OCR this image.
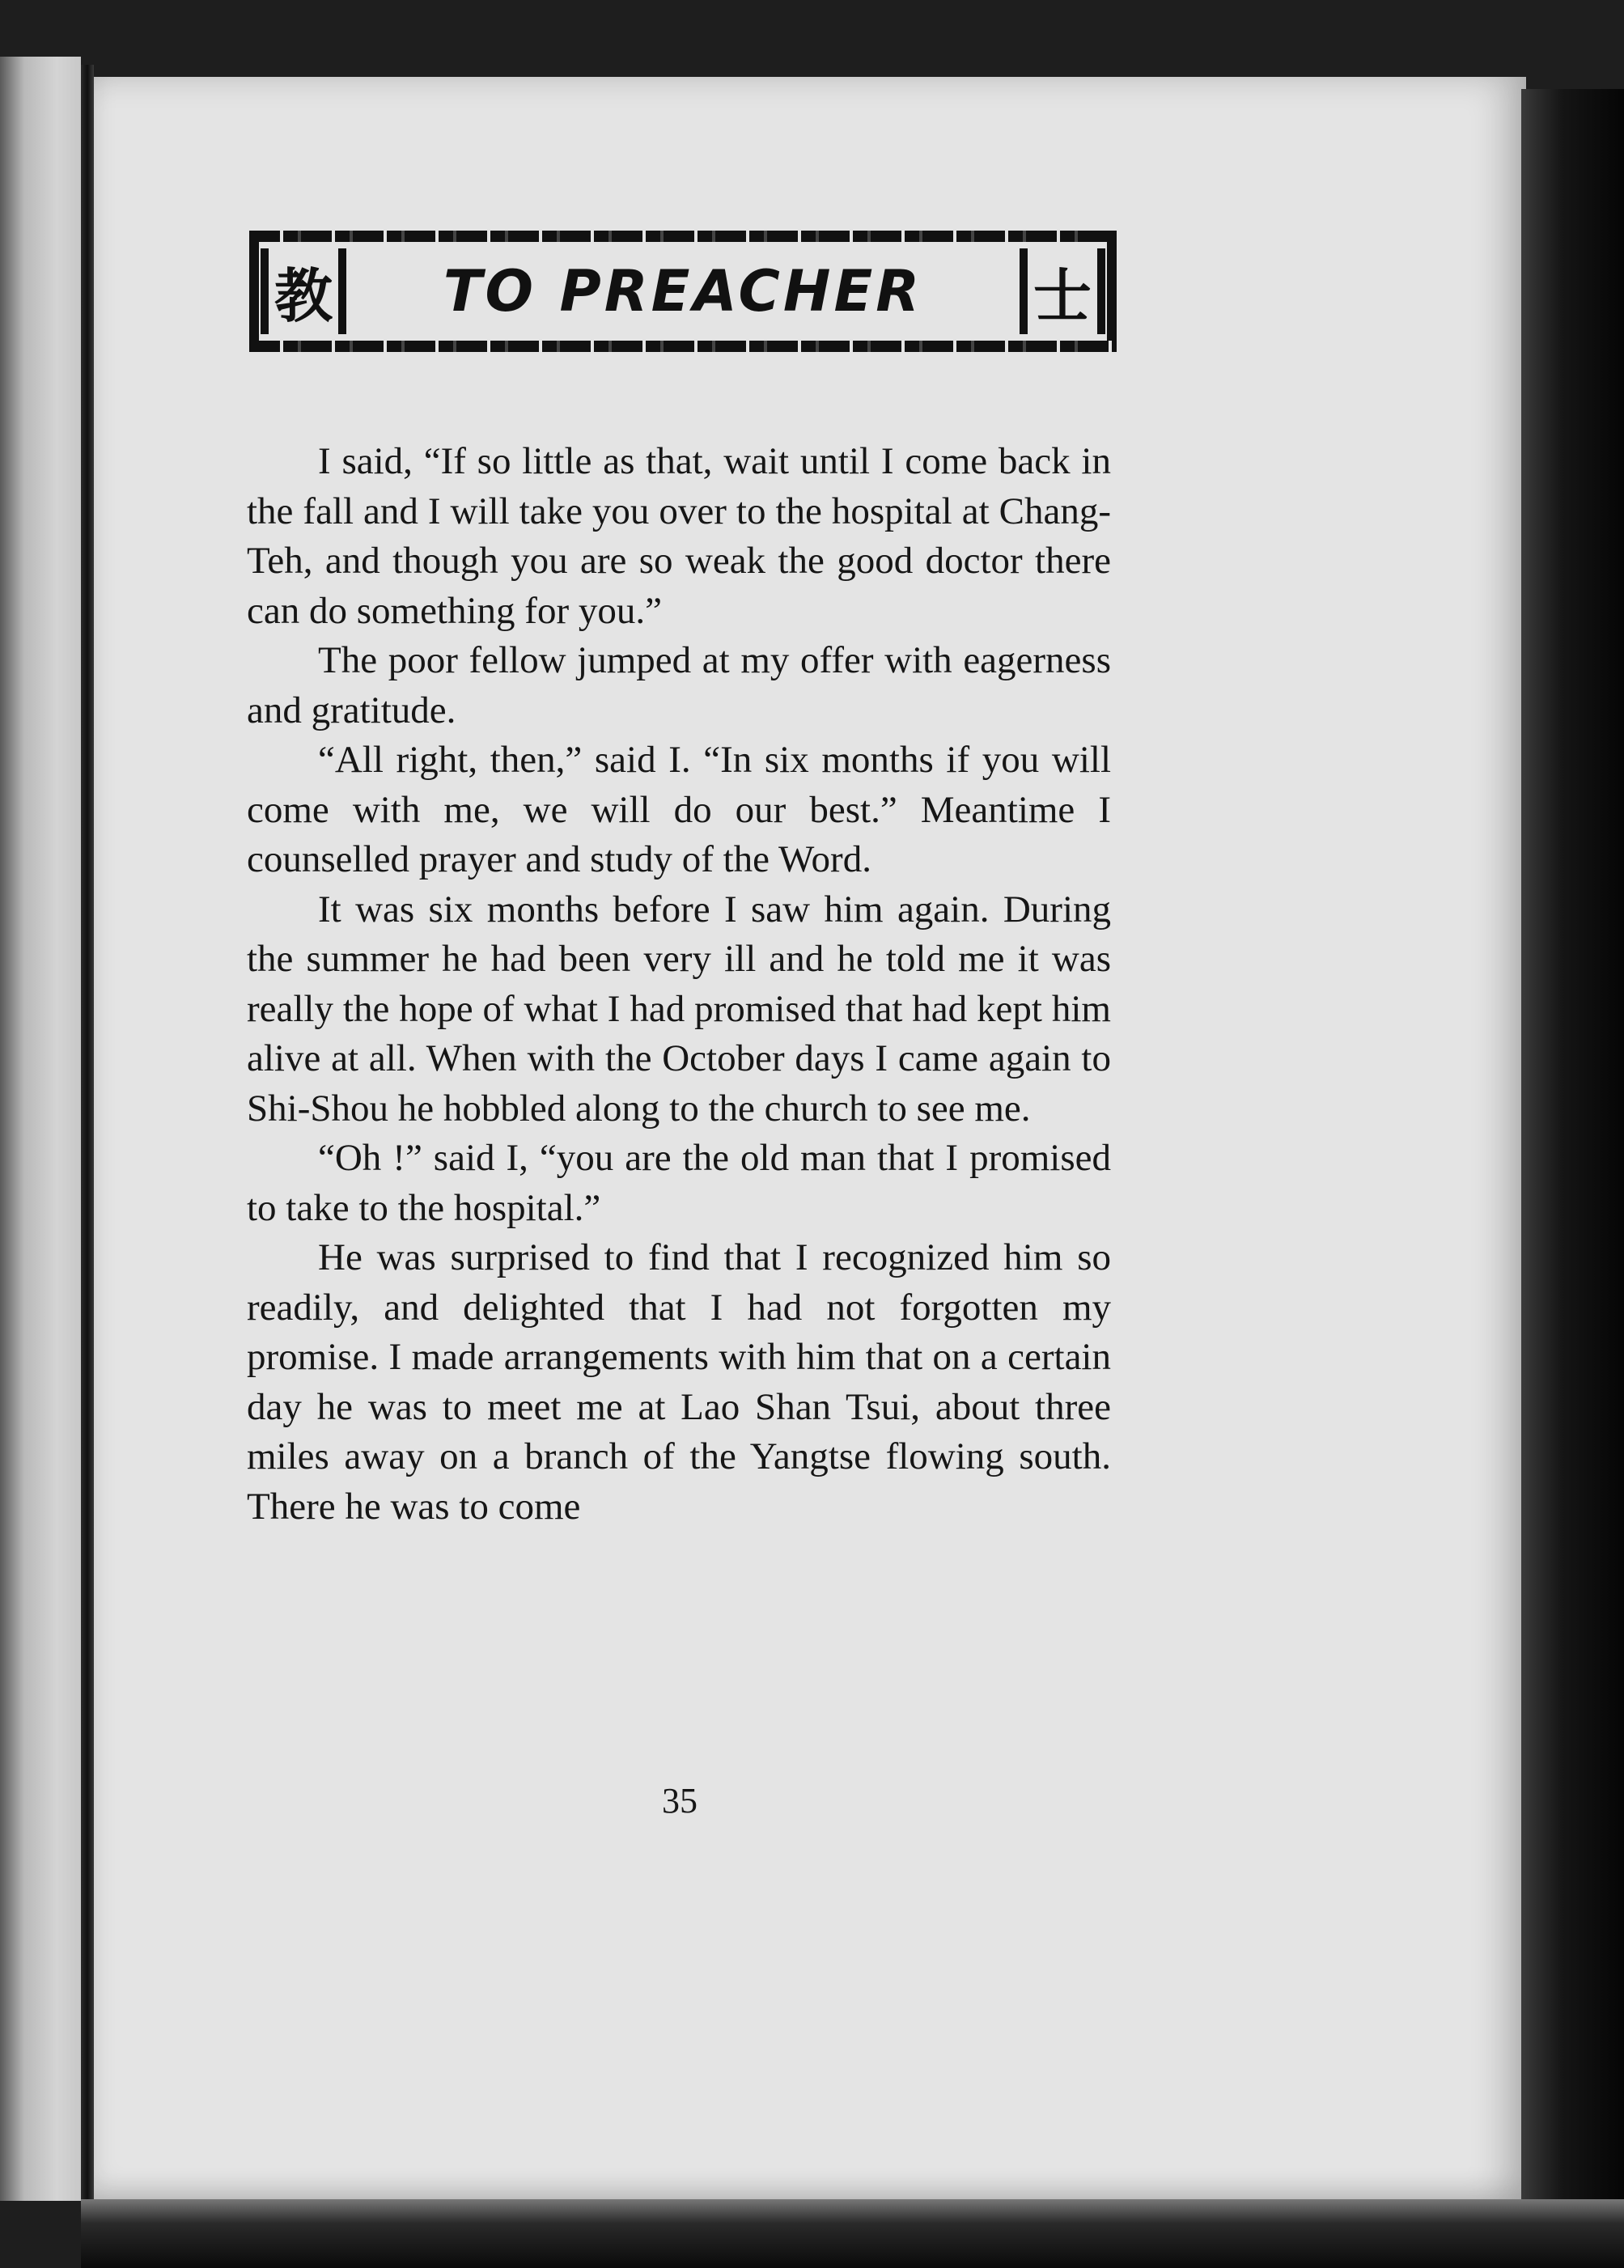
教	TO PREACHER	士

I said, “If so little as that, wait until I come back in the fall and I will take you over to the hospital at Chang-Teh, and though you are so weak the good doctor there can do something for you.”

The poor fellow jumped at my offer with eagerness and gratitude.

“All right, then,” said I. “In six months if you will come with me, we will do our best.” Meantime I counselled prayer and study of the Word.

It was six months before I saw him again. During the summer he had been very ill and he told me it was really the hope of what I had promised that had kept him alive at all. When with the October days I came again to Shi-Shou he hobbled along to the church to see me.

“Oh !” said I, “you are the old man that I promised to take to the hospital.”

He was surprised to find that I recognized him so readily, and delighted that I had not forgotten my promise. I made arrangements with him that on a certain day he was to meet me at Lao Shan Tsui, about three miles away on a branch of the Yangtse flowing south. There he was to come

35
